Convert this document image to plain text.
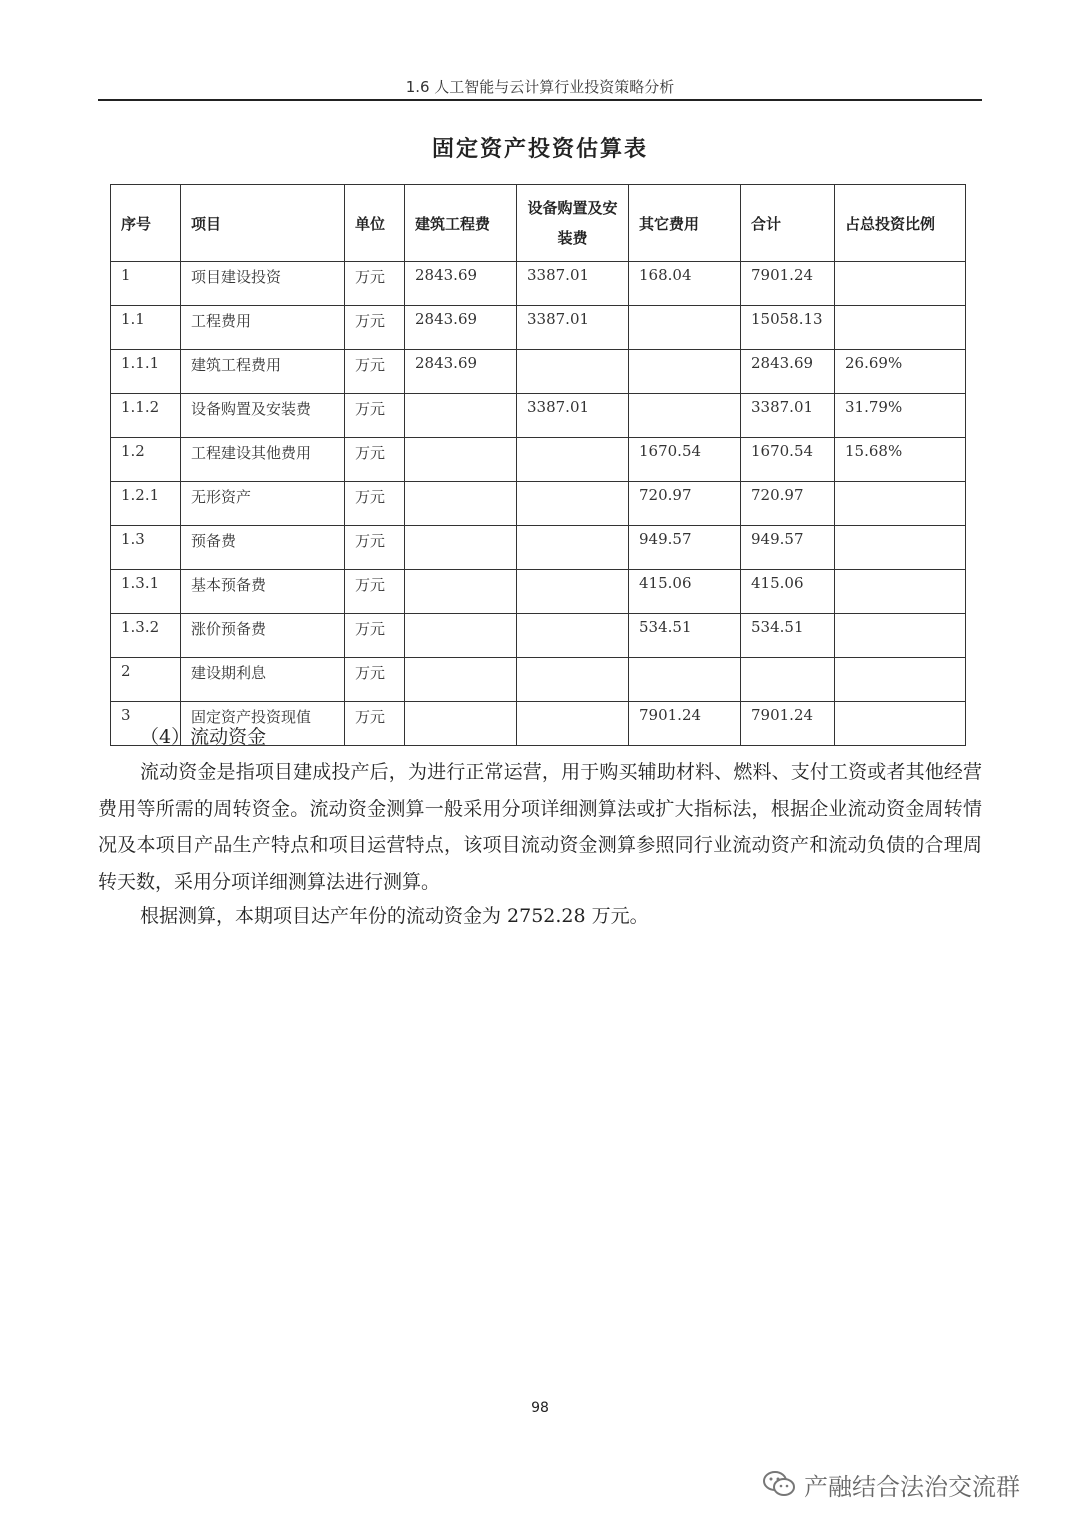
1.6 人工智能与云计算行业投资策略分析
固定资产投资估算表
序号	项目	单位	建筑工程费	设备购置及安装费	其它费用	合计	占总投资比例
1	项目建设投资	万元	2843.69	3387.01	168.04	7901.24	
1.1	工程费用	万元	2843.69	3387.01		15058.13	
1.1.1	建筑工程费用	万元	2843.69			2843.69	26.69%
1.1.2	设备购置及安装费	万元		3387.01		3387.01	31.79%
1.2	工程建设其他费用	万元			1670.54	1670.54	15.68%
1.2.1	无形资产	万元			720.97	720.97	
1.3	预备费	万元			949.57	949.57	
1.3.1	基本预备费	万元			415.06	415.06	
1.3.2	涨价预备费	万元			534.51	534.51	
2	建设期利息	万元					
3	固定资产投资现值	万元			7901.24	7901.24	
（4）流动资金

流动资金是指项目建成投产后，为进行正常运营，用于购买辅助材料、燃料、支付工资或者其他经营费用等所需的周转资金。流动资金测算一般采用分项详细测算法或扩大指标法，根据企业流动资金周转情况及本项目产品生产特点和项目运营特点，该项目流动资金测算参照同行业流动资产和流动负债的合理周转天数，采用分项详细测算法进行测算。

根据测算，本期项目达产年份的流动资金为 2752.28 万元。

98
产融结合法治交流群
